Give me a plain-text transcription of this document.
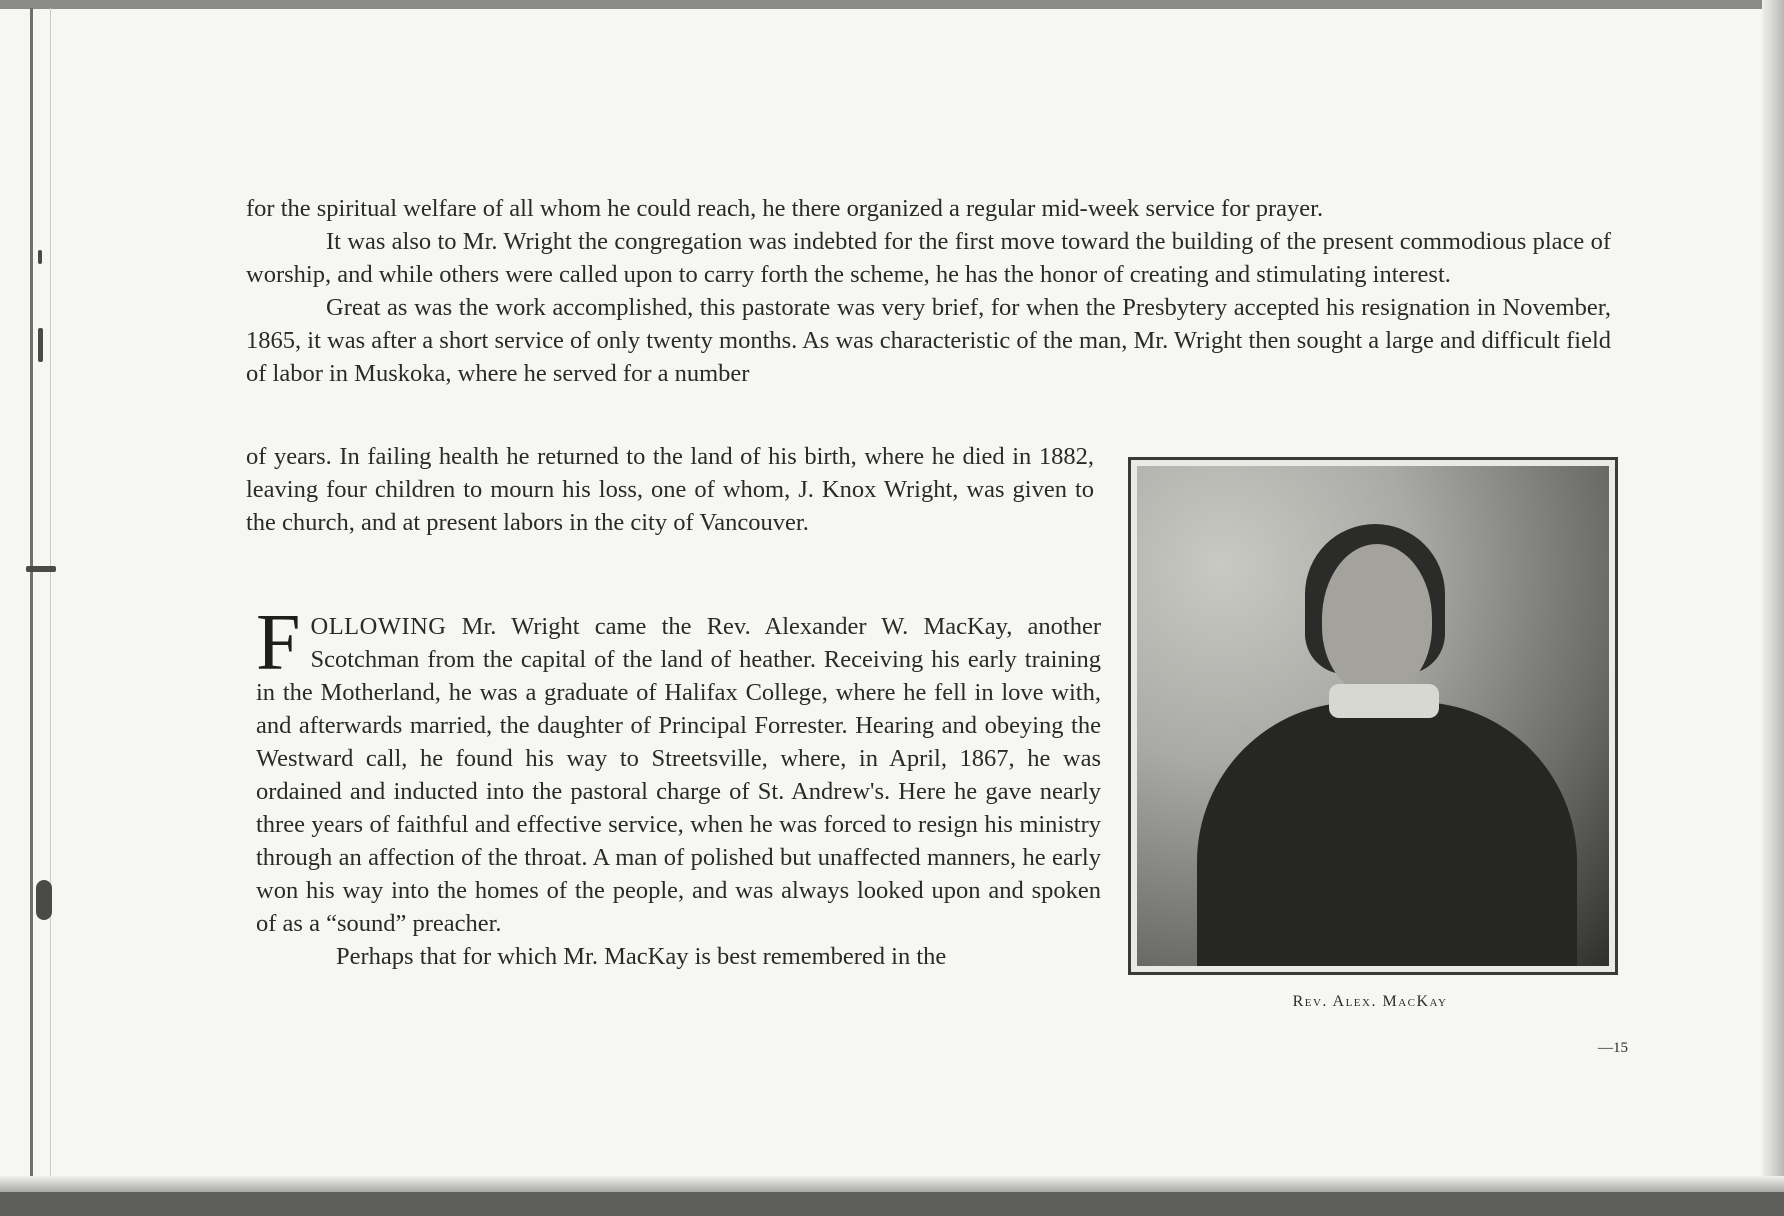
for the spiritual welfare of all whom he could reach, he there organized a regular mid-week service for prayer.

It was also to Mr. Wright the congregation was indebted for the first move toward the building of the present commodious place of worship, and while others were called upon to carry forth the scheme, he has the honor of creating and stimulating interest.

Great as was the work accomplished, this pastorate was very brief, for when the Presbytery accepted his resignation in November, 1865, it was after a short service of only twenty months. As was characteristic of the man, Mr. Wright then sought a large and difficult field of labor in Muskoka, where he served for a number

of years. In failing health he returned to the land of his birth, where he died in 1882, leaving four children to mourn his loss, one of whom, J. Knox Wright, was given to the church, and at present labors in the city of Vancouver.

FOLLOWING Mr. Wright came the Rev. Alexander W. MacKay, another Scotchman from the capital of the land of heather. Receiving his early training in the Motherland, he was a graduate of Halifax College, where he fell in love with, and afterwards married, the daughter of Principal Forrester. Hearing and obeying the Westward call, he found his way to Streetsville, where, in April, 1867, he was ordained and inducted into the pastoral charge of St. Andrew's. Here he gave nearly three years of faithful and effective service, when he was forced to resign his ministry through an affection of the throat. A man of polished but unaffected manners, he early won his way into the homes of the people, and was always looked upon and spoken of as a “sound” preacher.

Perhaps that for which Mr. MacKay is best remembered in the

Rev. Alex. MacKay
—15
